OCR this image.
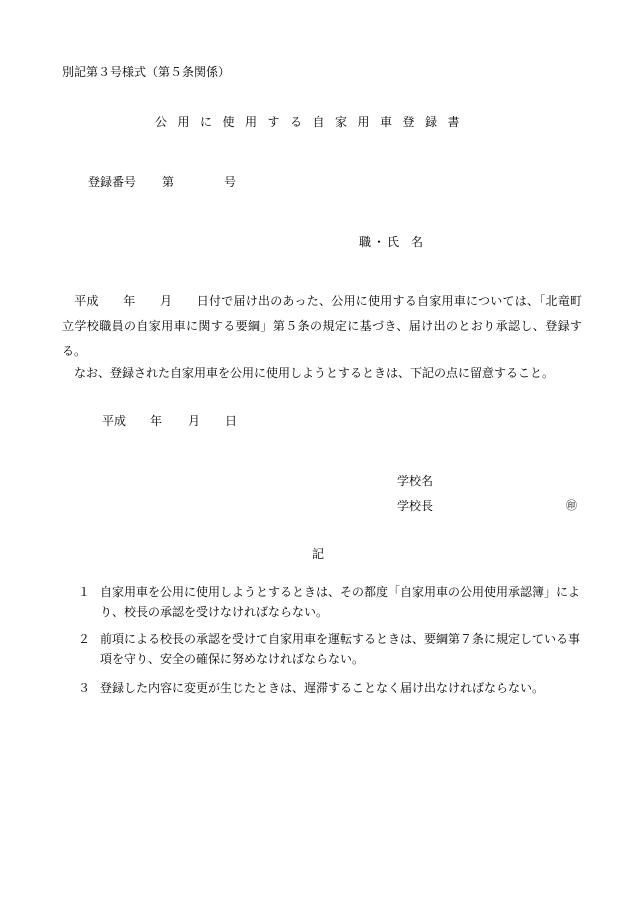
別記第３号様式（第５条関係）
公用に使用する自家用車登録書
登録番号 第	号
職 ・ 氏 名
　平成　　年　　月　　日付で届け出のあった、公用に使用する自家用車については、「北竜町立学校職員の自家用車に関する要綱」第５条の規定に基づき、届け出のとおり承認し、登録する。
　なお、登録された自家用車を公用に使用しようとするときは、下記の点に留意すること。
平成 年 月 日
学校名
学校長	㊞
記
１ 自家用車を公用に使用しようとするときは、その都度「自家用車の公用使用承認簿」により、校長の承認を受けなければならない。
２ 前項による校長の承認を受けて自家用車を運転するときは、要綱第７条に規定している事項を守り、安全の確保に努めなければならない。
３ 登録した内容に変更が生じたときは、遅滞することなく届け出なければならない。
